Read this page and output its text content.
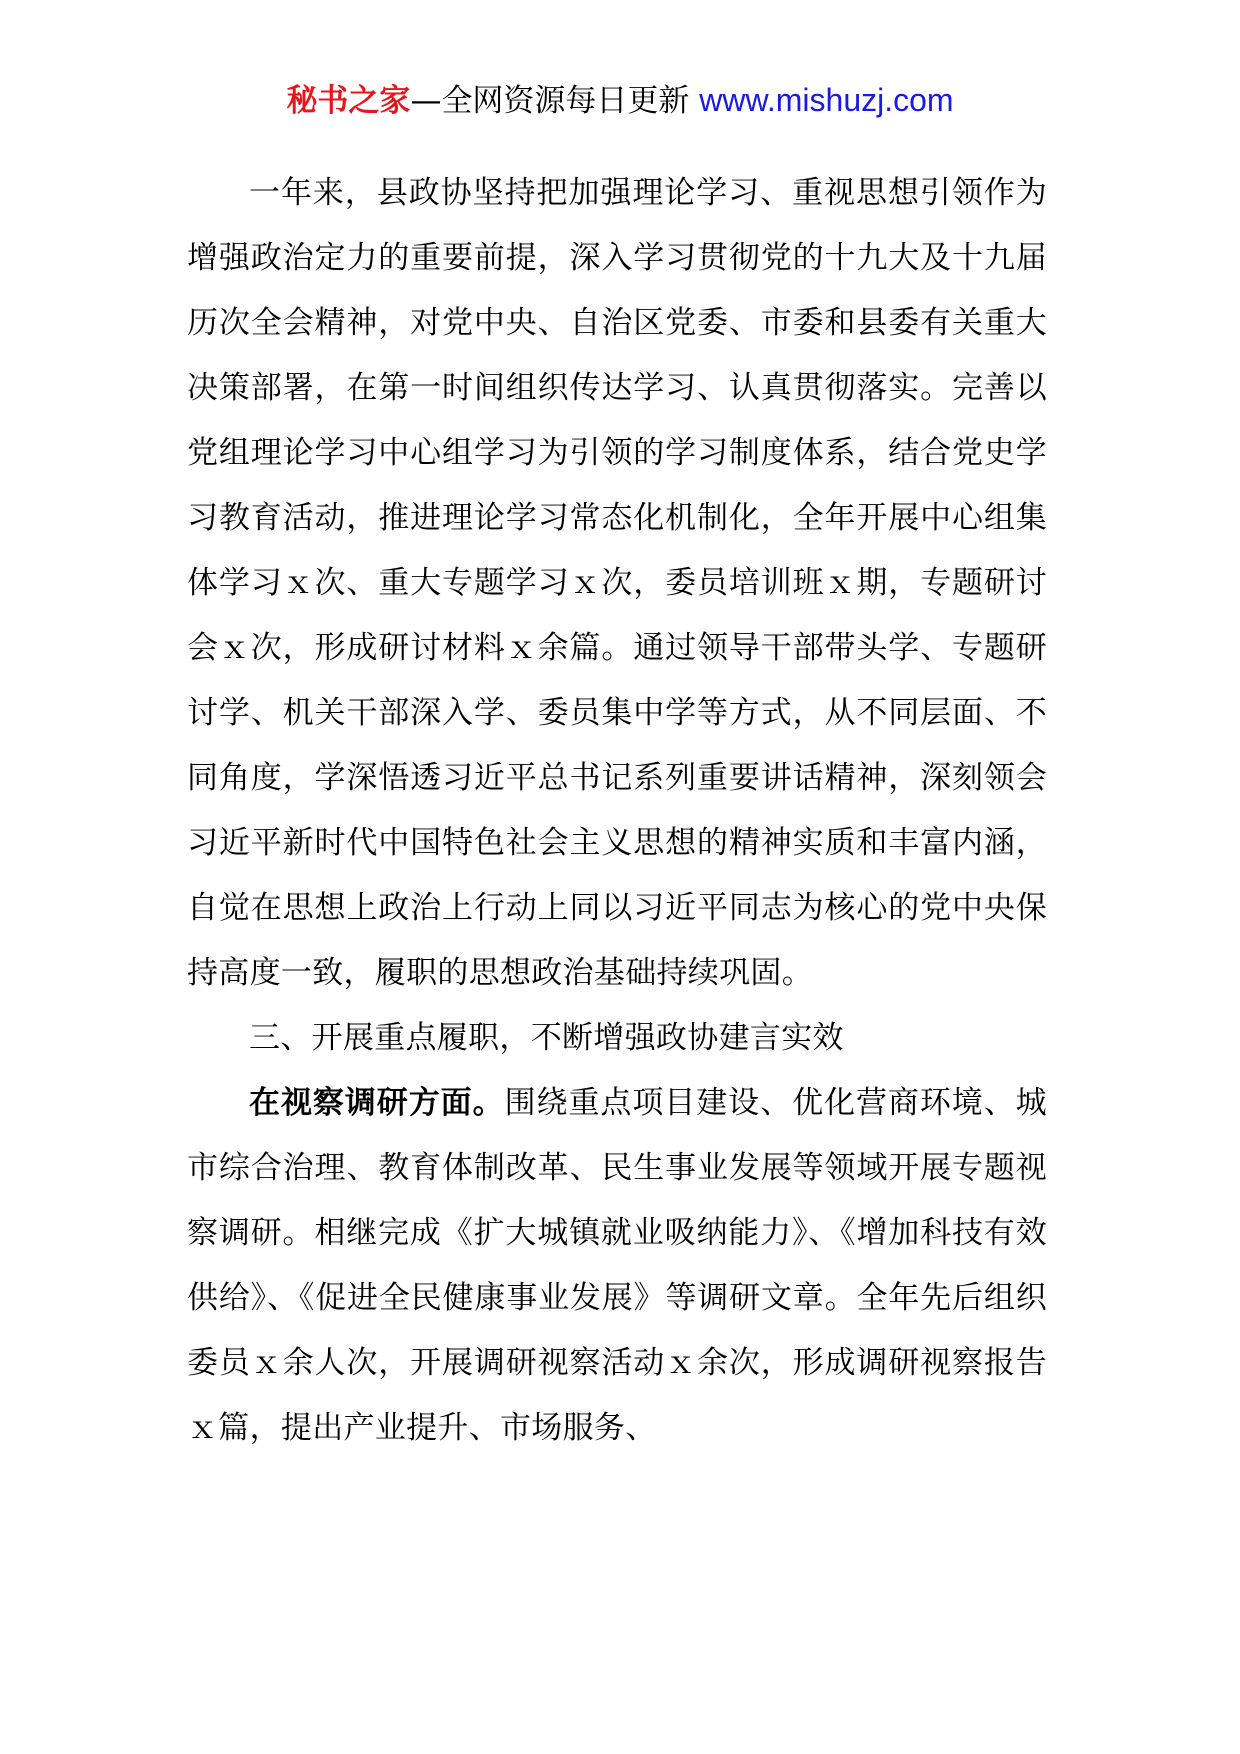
秘书之家—全网资源每日更新 www.mishuzj.com

一年来，县政协坚持把加强理论学习、重视思想引领作为增强政治定力的重要前提，深入学习贯彻党的十九大及十九届历次全会精神，对党中央、自治区党委、市委和县委有关重大决策部署，在第一时间组织传达学习、认真贯彻落实。完善以党组理论学习中心组学习为引领的学习制度体系，结合党史学习教育活动，推进理论学习常态化机制化，全年开展中心组集体学习ｘ次、重大专题学习ｘ次，委员培训班ｘ期，专题研讨会ｘ次，形成研讨材料ｘ余篇。通过领导干部带头学、专题研讨学、机关干部深入学、委员集中学等方式，从不同层面、不同角度，学深悟透习近平总书记系列重要讲话精神，深刻领会习近平新时代中国特色社会主义思想的精神实质和丰富内涵，自觉在思想上政治上行动上同以习近平同志为核心的党中央保持高度一致，履职的思想政治基础持续巩固。

三、开展重点履职，不断增强政协建言实效

在视察调研方面。围绕重点项目建设、优化营商环境、城市综合治理、教育体制改革、民生事业发展等领域开展专题视察调研。相继完成《扩大城镇就业吸纳能力》、《增加科技有效供给》、《促进全民健康事业发展》等调研文章。全年先后组织委员ｘ余人次，开展调研视察活动ｘ余次，形成调研视察报告ｘ篇，提出产业提升、市场服务、
